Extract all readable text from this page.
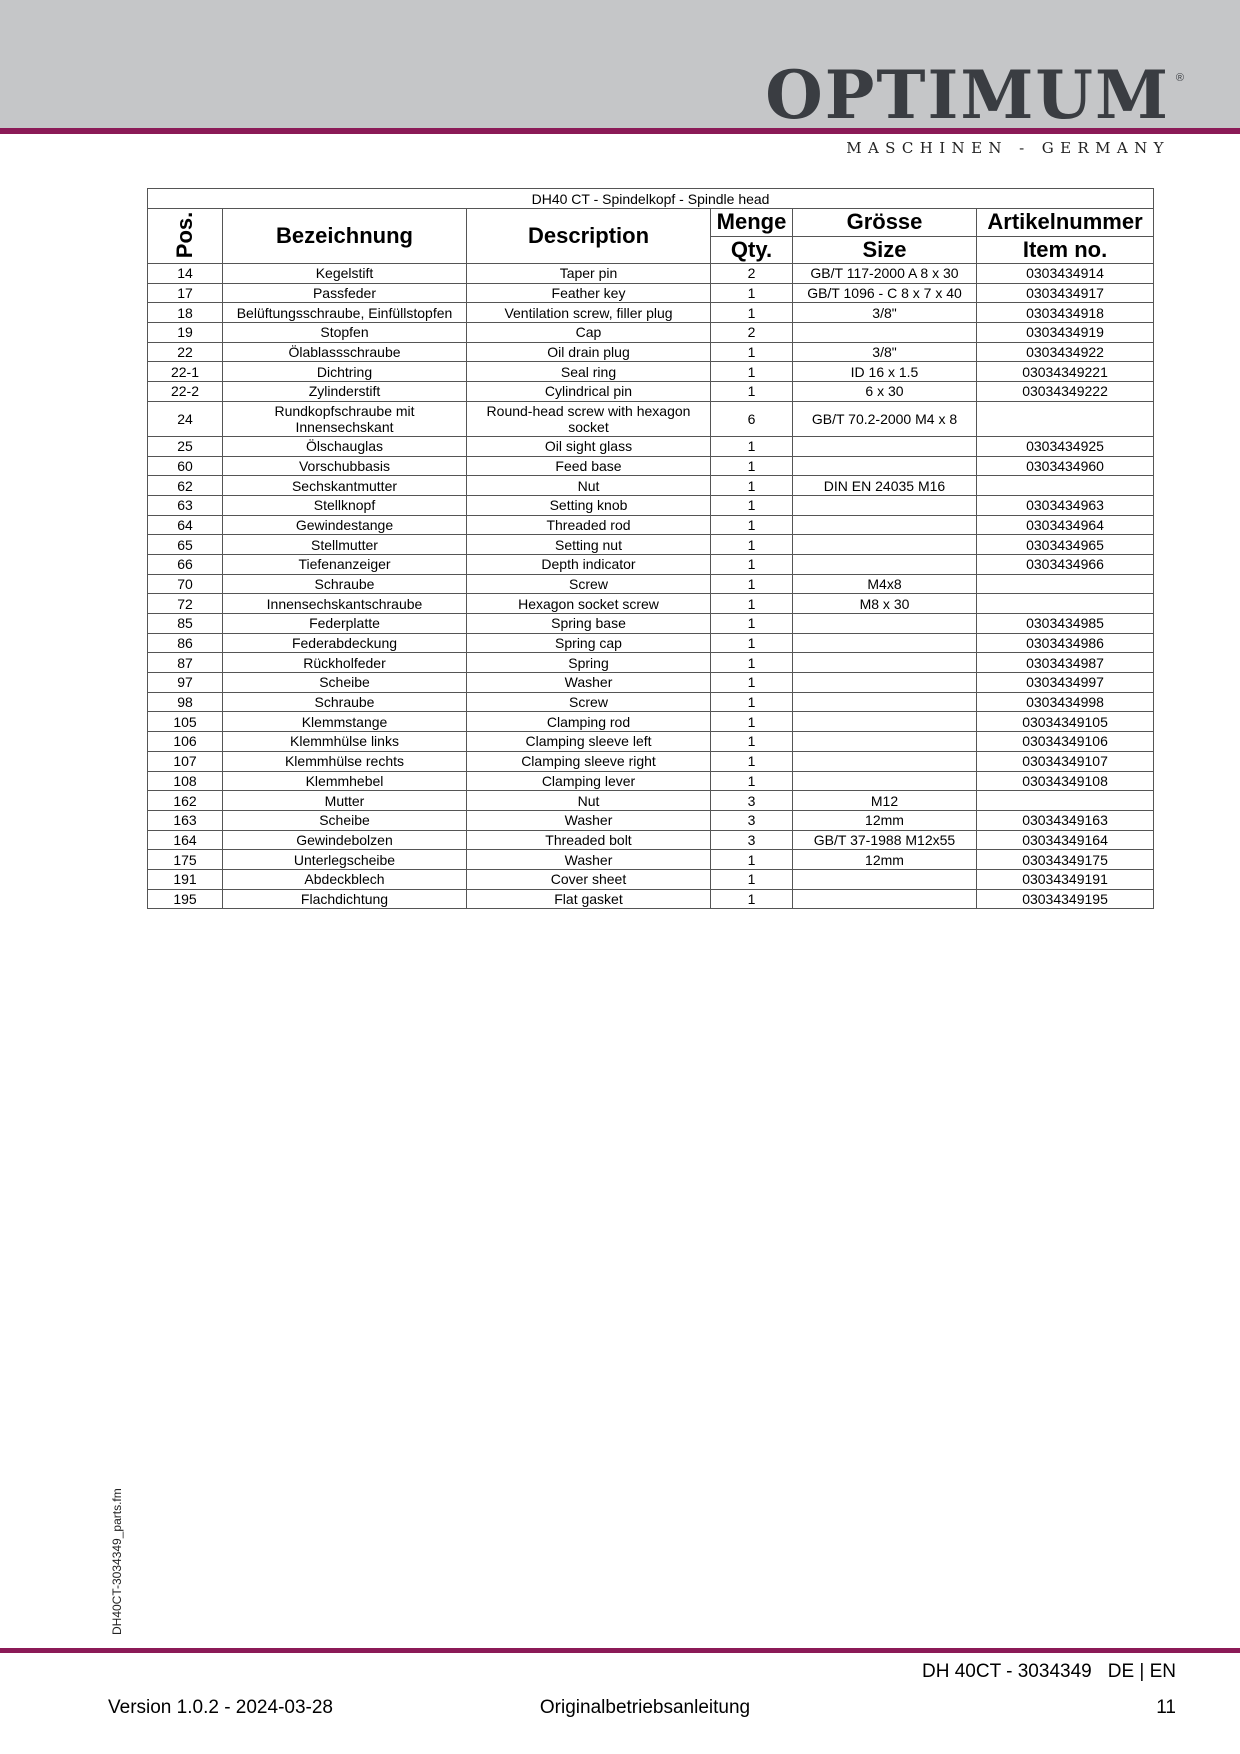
OPTIMUM ®
MASCHINEN - GERMANY
DH40 CT - Spindelkopf - Spindle head					
Pos.	Bezeichnung	Description	Menge	Grösse	Artikelnummer
			Qty.	Size	Item no.
14	Kegelstift	Taper pin	2	GB/T 117-2000 A 8 x 30	0303434914
17	Passfeder	Feather key	1	GB/T 1096 - C 8 x 7 x 40	0303434917
18	Belüftungsschraube, Einfüllstopfen	Ventilation screw, filler plug	1	3/8"	0303434918
19	Stopfen	Cap	2		0303434919
22	Ölablassschraube	Oil drain plug	1	3/8"	0303434922
22-1	Dichtring	Seal ring	1	ID 16 x 1.5	03034349221
22-2	Zylinderstift	Cylindrical pin	1	6 x 30	03034349222
24	Rundkopfschraube mit Innensechskant	Round-head screw with hexagon socket	6	GB/T 70.2-2000 M4 x 8	
25	Ölschauglas	Oil sight glass	1		0303434925
60	Vorschubbasis	Feed base	1		0303434960
62	Sechskantmutter	Nut	1	DIN EN 24035 M16	
63	Stellknopf	Setting knob	1		0303434963
64	Gewindestange	Threaded rod	1		0303434964
65	Stellmutter	Setting nut	1		0303434965
66	Tiefenanzeiger	Depth indicator	1		0303434966
70	Schraube	Screw	1	M4x8	
72	Innensechskantschraube	Hexagon socket screw	1	M8 x 30	
85	Federplatte	Spring base	1		0303434985
86	Federabdeckung	Spring cap	1		0303434986
87	Rückholfeder	Spring	1		0303434987
97	Scheibe	Washer	1		0303434997
98	Schraube	Screw	1		0303434998
105	Klemmstange	Clamping rod	1		03034349105
106	Klemmhülse links	Clamping sleeve left	1		03034349106
107	Klemmhülse rechts	Clamping sleeve right	1		03034349107
108	Klemmhebel	Clamping lever	1		03034349108
162	Mutter	Nut	3	M12	
163	Scheibe	Washer	3	12mm	03034349163
164	Gewindebolzen	Threaded bolt	3	GB/T 37-1988 M12x55	03034349164
175	Unterlegscheibe	Washer	1	12mm	03034349175
191	Abdeckblech	Cover sheet	1		03034349191
195	Flachdichtung	Flat gasket	1		03034349195
DH40CT-3034349_parts.fm
DH 40CT - 3034349 DE | EN
Version 1.0.2 - 2024-03-28	Originalbetriebsanleitung	11
